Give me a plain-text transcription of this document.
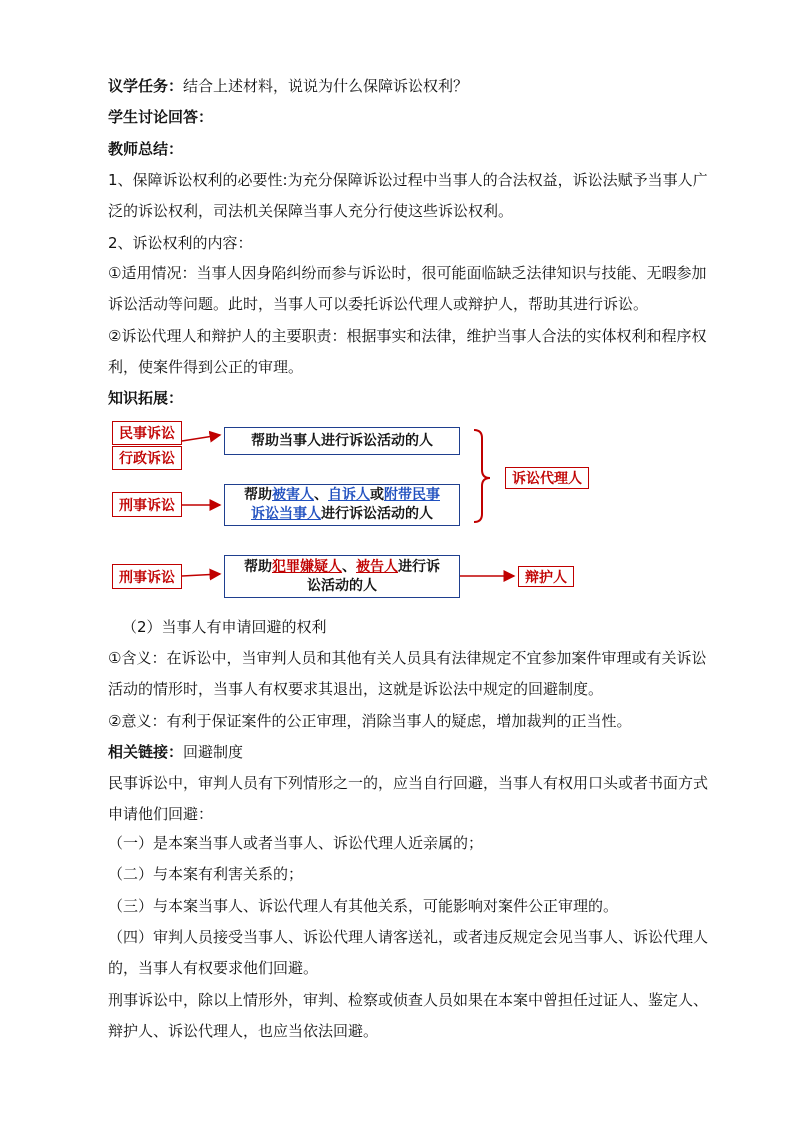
议学任务：结合上述材料，说说为什么保障诉讼权利？
学生讨论回答：
教师总结：

1、保障诉讼权利的必要性:为充分保障诉讼过程中当事人的合法权益，诉讼法赋予当事人广泛的诉讼权利，司法机关保障当事人充分行使这些诉讼权利。

2、诉讼权利的内容：

①适用情况：当事人因身陷纠纷而参与诉讼时，很可能面临缺乏法律知识与技能、无暇参加诉讼活动等问题。此时，当事人可以委托诉讼代理人或辩护人，帮助其进行诉讼。

②诉讼代理人和辩护人的主要职责：根据事实和法律，维护当事人合法的实体权利和程序权利，使案件得到公正的审理。

知识拓展：
民事诉讼
行政诉讼
刑事诉讼
刑事诉讼
帮助当事人进行诉讼活动的人
帮助被害人、自诉人或附带民事
诉讼当事人进行诉讼活动的人
帮助犯罪嫌疑人、被告人进行诉
讼活动的人
诉讼代理人
辩护人
（2）当事人有申请回避的权利

①含义：在诉讼中，当审判人员和其他有关人员具有法律规定不宜参加案件审理或有关诉讼活动的情形时，当事人有权要求其退出，这就是诉讼法中规定的回避制度。

②意义：有利于保证案件的公正审理，消除当事人的疑虑，增加裁判的正当性。

相关链接：回避制度

民事诉讼中，审判人员有下列情形之一的，应当自行回避，当事人有权用口头或者书面方式申请他们回避：

（一）是本案当事人或者当事人、诉讼代理人近亲属的；
（二）与本案有利害关系的；
（三）与本案当事人、诉讼代理人有其他关系，可能影响对案件公正审理的。

（四）审判人员接受当事人、诉讼代理人请客送礼，或者违反规定会见当事人、诉讼代理人的，当事人有权要求他们回避。

刑事诉讼中，除以上情形外，审判、检察或侦查人员如果在本案中曾担任过证人、鉴定人、辩护人、诉讼代理人，也应当依法回避。
